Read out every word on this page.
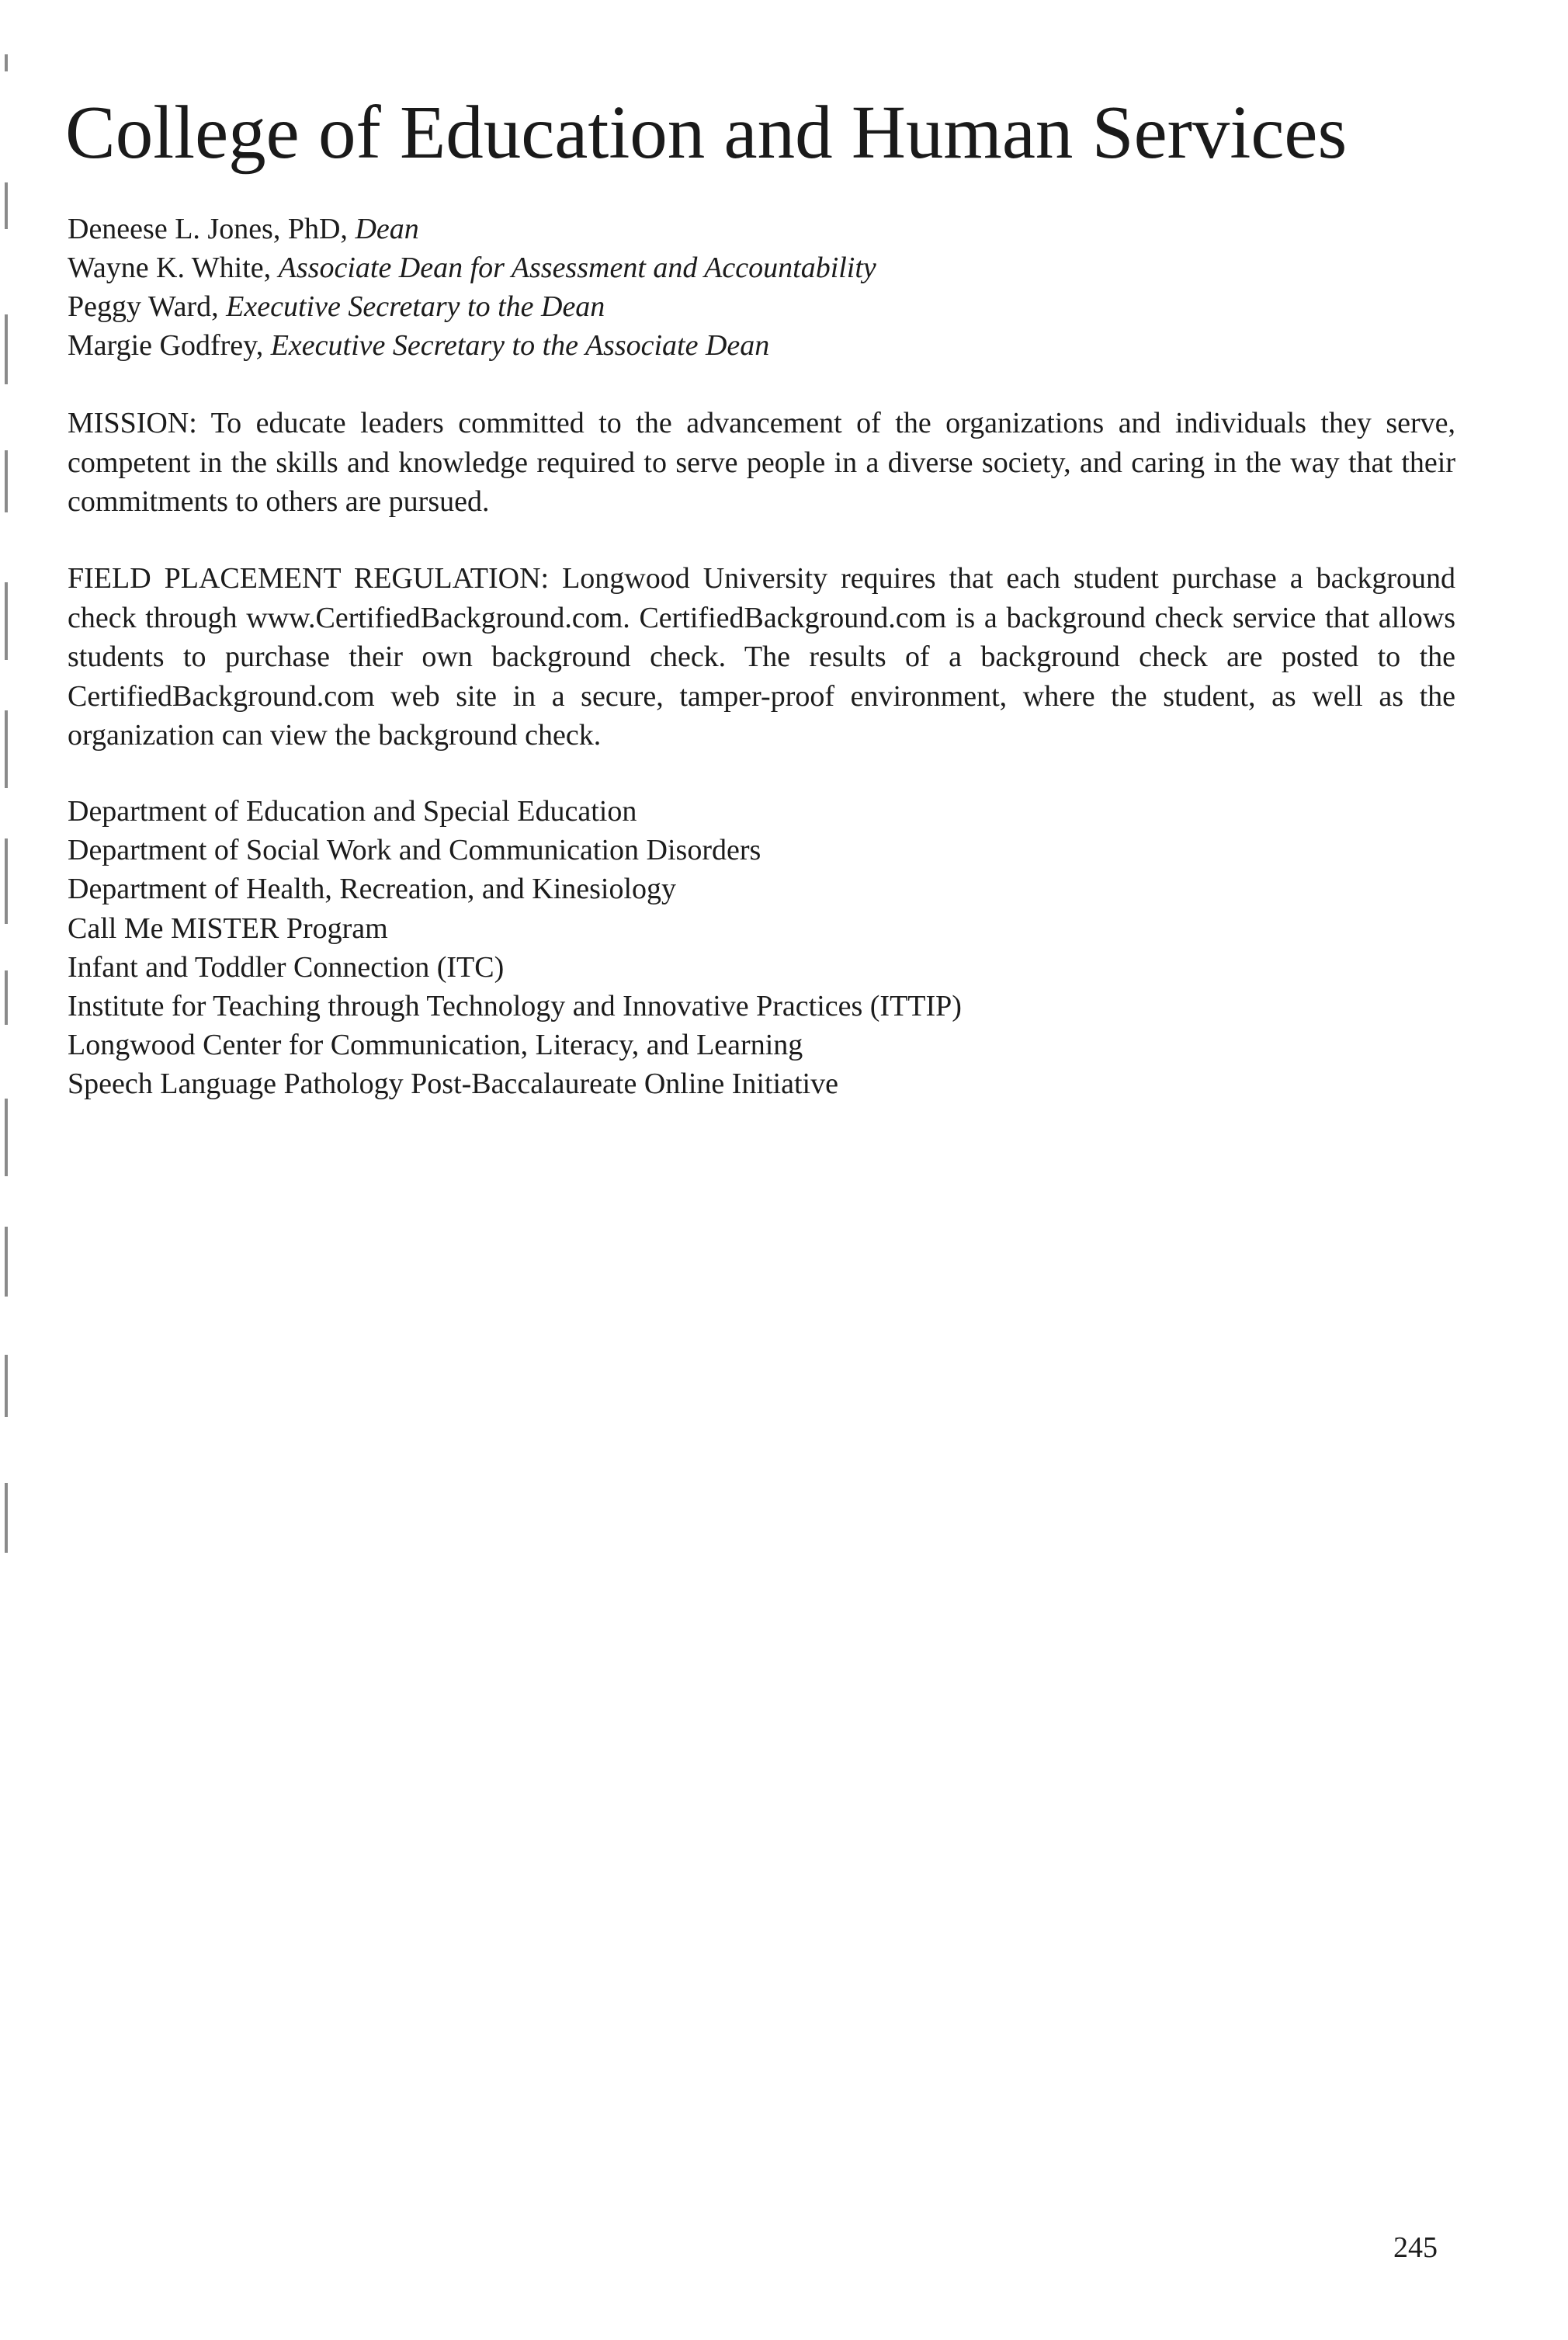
College of Education and Human Services
Deneese L. Jones, PhD, Dean
Wayne K. White, Associate Dean for Assessment and Accountability
Peggy Ward, Executive Secretary to the Dean
Margie Godfrey, Executive Secretary to the Associate Dean

MISSION: To educate leaders committed to the advancement of the organizations and individuals they serve, competent in the skills and knowledge required to serve people in a diverse society, and caring in the way that their commitments to others are pursued.

FIELD PLACEMENT REGULATION: Longwood University requires that each student purchase a background check through www.CertifiedBackground.com. CertifiedBackground.com is a background check service that allows students to purchase their own background check. The results of a background check are posted to the CertifiedBackground.com web site in a secure, tamper-proof environment, where the student, as well as the organization can view the background check.

Department of Education and Special Education
Department of Social Work and Communication Disorders
Department of Health, Recreation, and Kinesiology
Call Me MISTER Program
Infant and Toddler Connection (ITC)
Institute for Teaching through Technology and Innovative Practices (ITTIP)
Longwood Center for Communication, Literacy, and Learning
Speech Language Pathology Post-Baccalaureate Online Initiative
245
